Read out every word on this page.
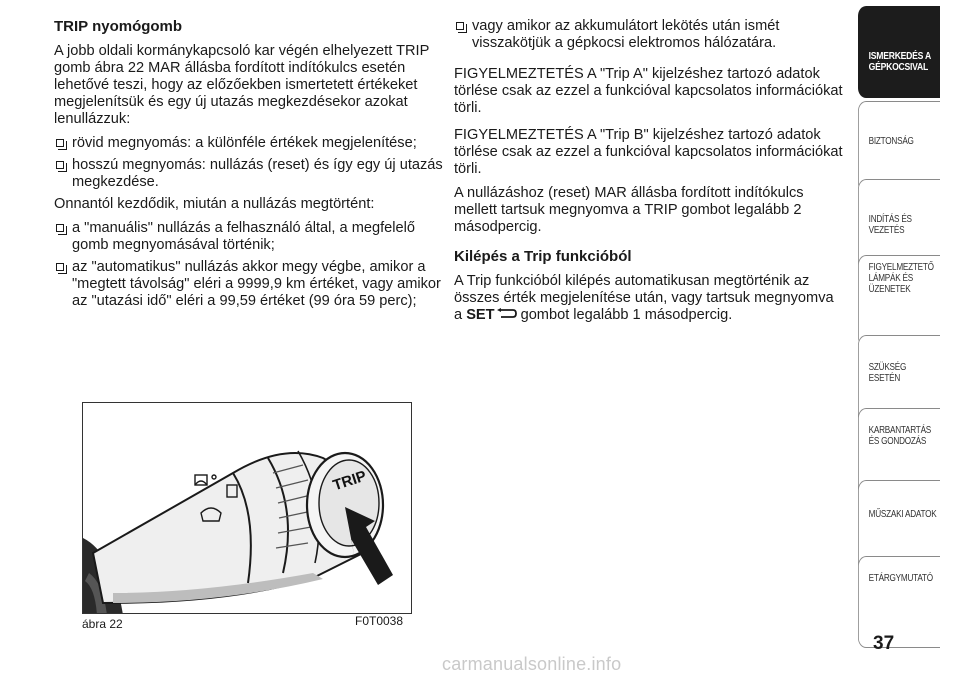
TRIP nyomógomb

A jobb oldali kormánykapcsoló kar végén elhelyezett TRIP gomb ábra 22 MAR állásba fordított indítókulcs esetén lehetővé teszi, hogy az előzőekben ismertetett értékeket megjelenítsük és egy új utazás megkezdésekor azokat lenullázzuk:

rövid megnyomás: a különféle értékek megjelenítése;
hosszú megnyomás: nullázás (reset) és így egy új utazás megkezdése.

Onnantól kezdődik, miután a nullázás megtörtént:

a "manuális" nullázás a felhasználó által, a megfelelő gomb megnyomásával történik;
az "automatikus" nullázás akkor megy végbe, amikor a "megtett távolság" eléri a 9999,9 km értéket, vagy amikor az "utazási idő" eléri a 99,59 értéket (99 óra 59 perc);
vagy amikor az akkumulátort lekötés után ismét visszakötjük a gépkocsi elektromos hálózatára.

FIGYELMEZTETÉS A "Trip A" kijelzéshez tartozó adatok törlése csak az ezzel a funkcióval kapcsolatos információkat törli.

FIGYELMEZTETÉS A "Trip B" kijelzéshez tartozó adatok törlése csak az ezzel a funkcióval kapcsolatos információkat törli.

A nullázáshoz (reset) MAR állásba fordított indítókulcs mellett tartsuk megnyomva a TRIP gombot legalább 2 másodpercig.

Kilépés a Trip funkcióból

A Trip funkcióból kilépés automatikusan megtörténik az összes érték megjelenítése után, vagy tartsuk megnyomva a SET gombot legalább 1 másodpercig.

TRIP
ábra 22	F0T0038
ISMERKEDÉS A GÉPKOCSIVAL
BIZTONSÁG
INDÍTÁS ÉS VEZETÉS
FIGYELMEZTETŐ LÁMPÁK ÉS ÜZENETEK
SZÜKSÉG ESETÉN
KARBANTARTÁS ÉS GONDOZÁS
MŰSZAKI ADATOK
ETÁRGYMUTATÓ
37
carmanualsonline.info
